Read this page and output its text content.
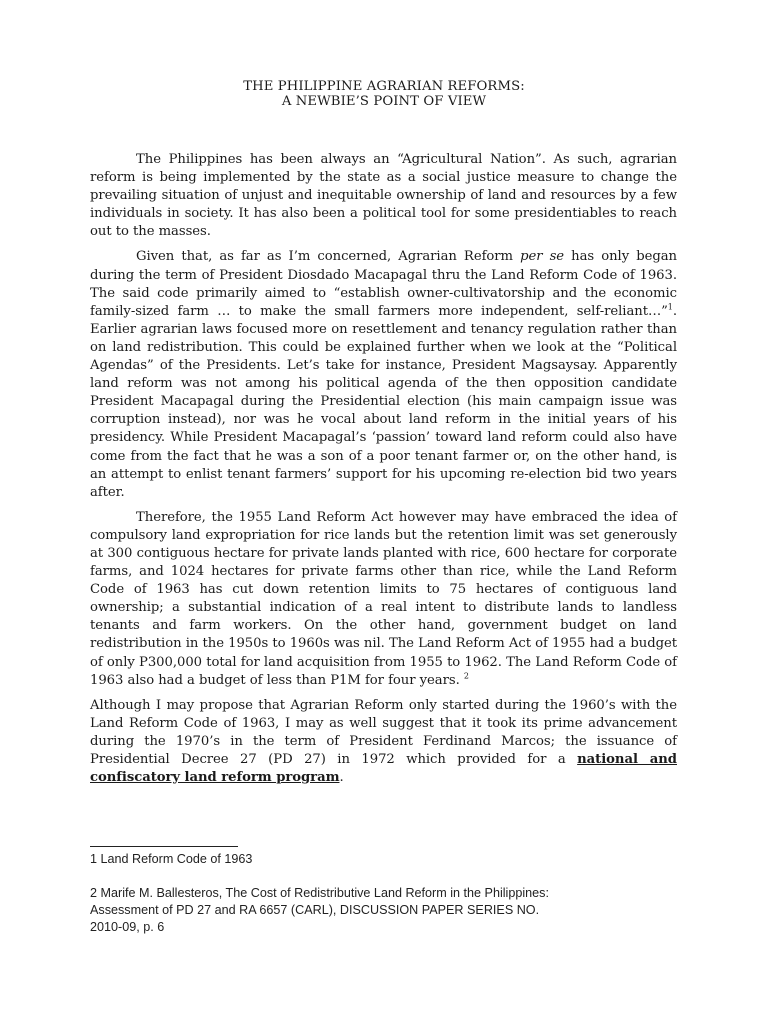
THE PHILIPPINE AGRARIAN REFORMS:
A NEWBIE’S POINT OF VIEW

The Philippines has been always an “Agricultural Nation”. As such, agrarian reform is being implemented by the state as a social justice measure to change the prevailing situation of unjust and inequitable ownership of land and resources by a few individuals in society. It has also been a political tool for some presidentiables to reach out to the masses.

Given that, as far as I’m concerned, Agrarian Reform per se has only began during the term of President Diosdado Macapagal thru the Land Reform Code of 1963. The said code primarily aimed to “establish owner-cultivatorship and the economic family-sized farm … to make the small farmers more independent, self-reliant…”$^1$. Earlier agrarian laws focused more on resettlement and tenancy regulation rather than on land redistribution. This could be explained further when we look at the “Political Agendas” of the Presidents. Let’s take for instance, President Magsaysay. Apparently land reform was not among his political agenda of the then opposition candidate President Macapagal during the Presidential election (his main campaign issue was corruption instead), nor was he vocal about land reform in the initial years of his presidency. While President Macapagal’s ‘passion’ toward land reform could also have come from the fact that he was a son of a poor tenant farmer or, on the other hand, is an attempt to enlist tenant farmers’ support for his upcoming re-election bid two years after.

Therefore, the 1955 Land Reform Act however may have embraced the idea of compulsory land expropriation for rice lands but the retention limit was set generously at 300 contiguous hectare for private lands planted with rice, 600 hectare for corporate farms, and 1024 hectares for private farms other than rice, while the Land Reform Code of 1963 has cut down retention limits to 75 hectares of contiguous land ownership; a substantial indication of a real intent to distribute lands to landless tenants and farm workers. On the other hand, government budget on land redistribution in the 1950s to 1960s was nil. The Land Reform Act of 1955 had a budget of only P300,000 total for land acquisition from 1955 to 1962. The Land Reform Code of 1963 also had a budget of less than P1M for four years. $^2$

Although I may propose that Agrarian Reform only started during the 1960’s with the Land Reform Code of 1963, I may as well suggest that it took its prime advancement during the 1970’s in the term of President Ferdinand Marcos; the issuance of Presidential Decree 27 (PD 27) in 1972 which provided for a national and confiscatory land reform program.

1 Land Reform Code of 1963

2 Marife M. Ballesteros, The Cost of Redistributive Land Reform in the Philippines:

Assessment of PD 27 and RA 6657 (CARL), DISCUSSION PAPER SERIES NO.

2010-09, p. 6
